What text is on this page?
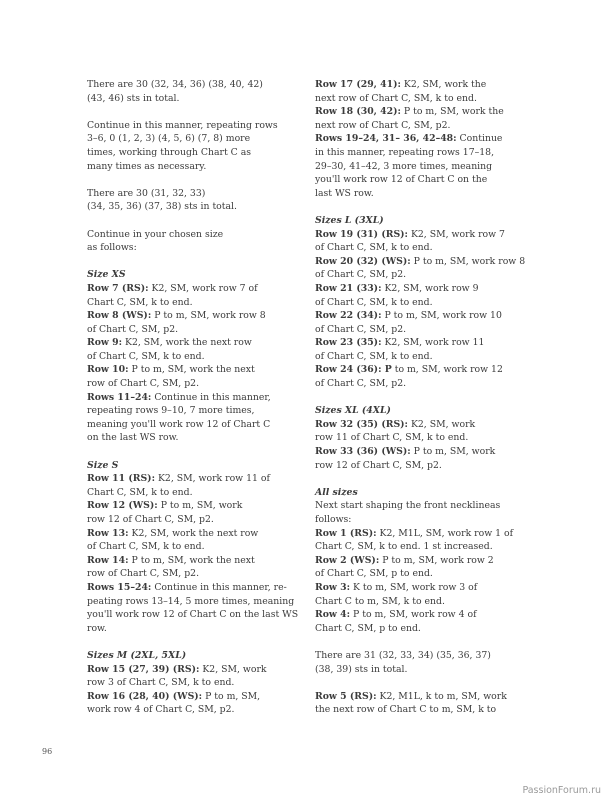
There are 30 (32, 34, 36) (38, 40, 42)
(43, 46) sts in total.
Continue in this manner, repeating rows
3–6, 0 (1, 2, 3) (4, 5, 6) (7, 8) more
times, working through Chart C as
many times as necessary.
There are 30 (31, 32, 33)
(34, 35, 36) (37, 38) sts in total.
Continue in your chosen size
as follows:
Size XS
Row 7 (RS): K2, SM, work row 7 of
Chart C, SM, k to end.
Row 8 (WS): P to m, SM, work row 8
of Chart C, SM, p2.
Row 9: K2, SM, work the next row
of Chart C, SM, k to end.
Row 10: P to m, SM, work the next
row of Chart C, SM, p2.
Rows 11–24: Continue in this manner,
repeating rows 9–10, 7 more times,
meaning you'll work row 12 of Chart C
on the last WS row.
Size S
Row 11 (RS): K2, SM, work row 11 of
Chart C, SM, k to end.
Row 12 (WS): P to m, SM, work
row 12 of Chart C, SM, p2.
Row 13: K2, SM, work the next row
of Chart C, SM, k to end.
Row 14: P to m, SM, work the next
row of Chart C, SM, p2.
Rows 15–24: Continue in this manner, re-
peating rows 13–14, 5 more times, meaning
you'll work row 12 of Chart C on the last WS
row.
Sizes M (2XL, 5XL)
Row 15 (27, 39) (RS): K2, SM, work
row 3 of Chart C, SM, k to end.
Row 16 (28, 40) (WS): P to m, SM,
work row 4 of Chart C, SM, p2.
Row 17 (29, 41): K2, SM, work the
next row of Chart C, SM, k to end.
Row 18 (30, 42): P to m, SM, work the
next row of Chart C, SM, p2.
Rows 19–24, 31– 36, 42–48: Continue
in this manner, repeating rows 17–18,
29–30, 41–42, 3 more times, meaning
you'll work row 12 of Chart C on the
last WS row.
Sizes L (3XL)
Row 19 (31) (RS): K2, SM, work row 7
of Chart C, SM, k to end.
Row 20 (32) (WS): P to m, SM, work row 8
of Chart C, SM, p2.
Row 21 (33): K2, SM, work row 9
of Chart C, SM, k to end.
Row 22 (34): P to m, SM, work row 10
of Chart C, SM, p2.
Row 23 (35): K2, SM, work row 11
of Chart C, SM, k to end.
Row 24 (36): P to m, SM, work row 12
of Chart C, SM, p2.
Sizes XL (4XL)
Row 32 (35) (RS): K2, SM, work
row 11 of Chart C, SM, k to end.
Row 33 (36) (WS): P to m, SM, work
row 12 of Chart C, SM, p2.
All sizes
Next start shaping the front necklineas follows:
Row 1 (RS): K2, M1L, SM, work row 1 of
Chart C, SM, k to end. 1 st increased.
Row 2 (WS): P to m, SM, work row 2
of Chart C, SM, p to end.
Row 3: K to m, SM, work row 3 of
Chart C to m, SM, k to end.
Row 4: P to m, SM, work row 4 of
Chart C, SM, p to end.
There are 31 (32, 33, 34) (35, 36, 37)
(38, 39) sts in total.
Row 5 (RS): K2, M1L, k to m, SM, work
the next row of Chart C to m, SM, k to
96
PassionForum.ru
